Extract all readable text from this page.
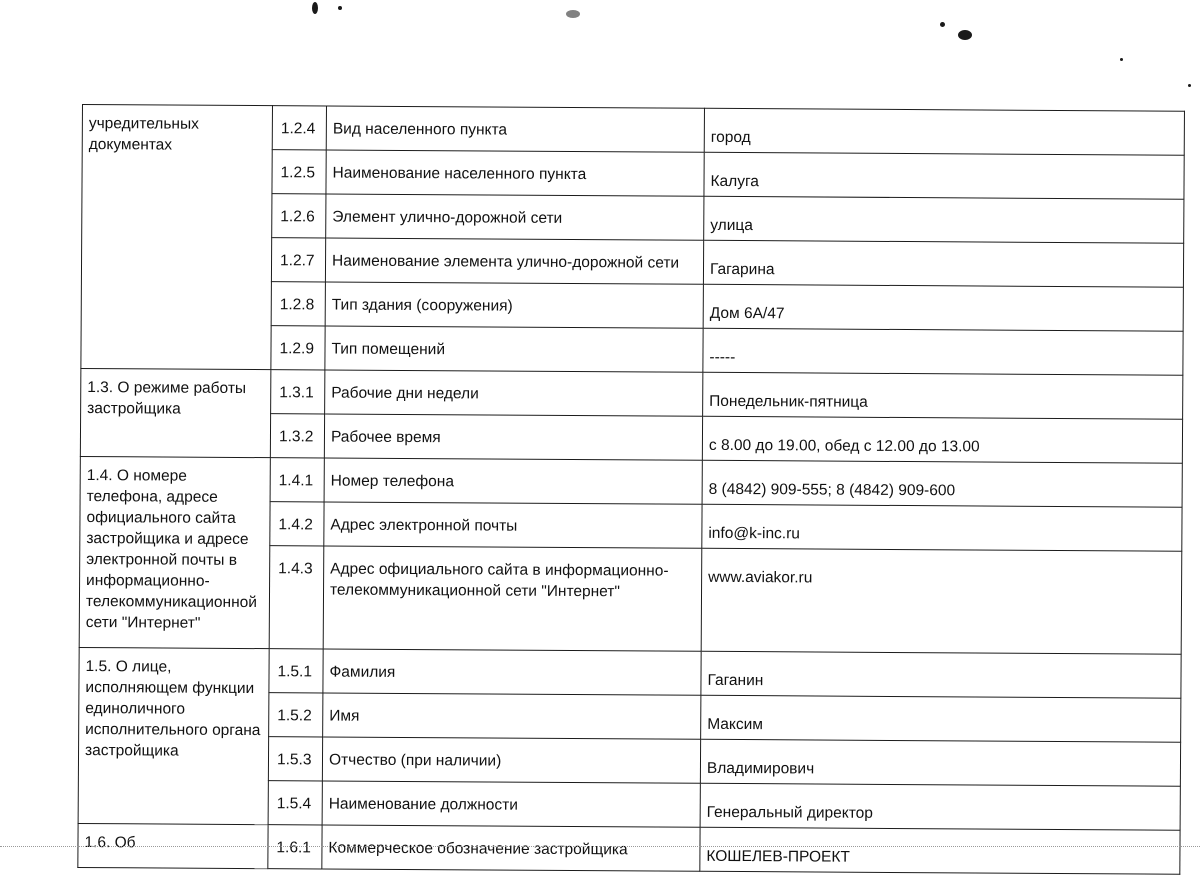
учредительных документах	1.2.4	Вид населенного пункта	город
	1.2.5	Наименование населенного пункта	Калуга
	1.2.6	Элемент улично-дорожной сети	улица
	1.2.7	Наименование элемента улично-дорожной сети	Гагарина
	1.2.8	Тип здания (сооружения)	Дом 6А/47
	1.2.9	Тип помещений	-----
1.3. О режиме работы застройщика	1.3.1	Рабочие дни недели	Понедельник-пятница
	1.3.2	Рабочее время	с 8.00 до 19.00, обед с 12.00 до 13.00
1.4. О номере телефона, адресе официального сайта застройщика и адресе электронной почты в информационно-телекоммуникационной сети "Интернет"	1.4.1	Номер телефона	8 (4842) 909-555; 8 (4842) 909-600
	1.4.2	Адрес электронной почты	info@k-inc.ru
	1.4.3	Адрес официального сайта в информационно-телекоммуникационной сети "Интернет"	www.aviakor.ru
1.5. О лице, исполняющем функции единоличного исполнительного органа застройщика	1.5.1	Фамилия	Гаганин
	1.5.2	Имя	Максим
	1.5.3	Отчество (при наличии)	Владимирович
	1.5.4	Наименование должности	Генеральный директор
1.6. Об	1.6.1	Коммерческое обозначение застройщика	КОШЕЛЕВ-ПРОЕКТ
